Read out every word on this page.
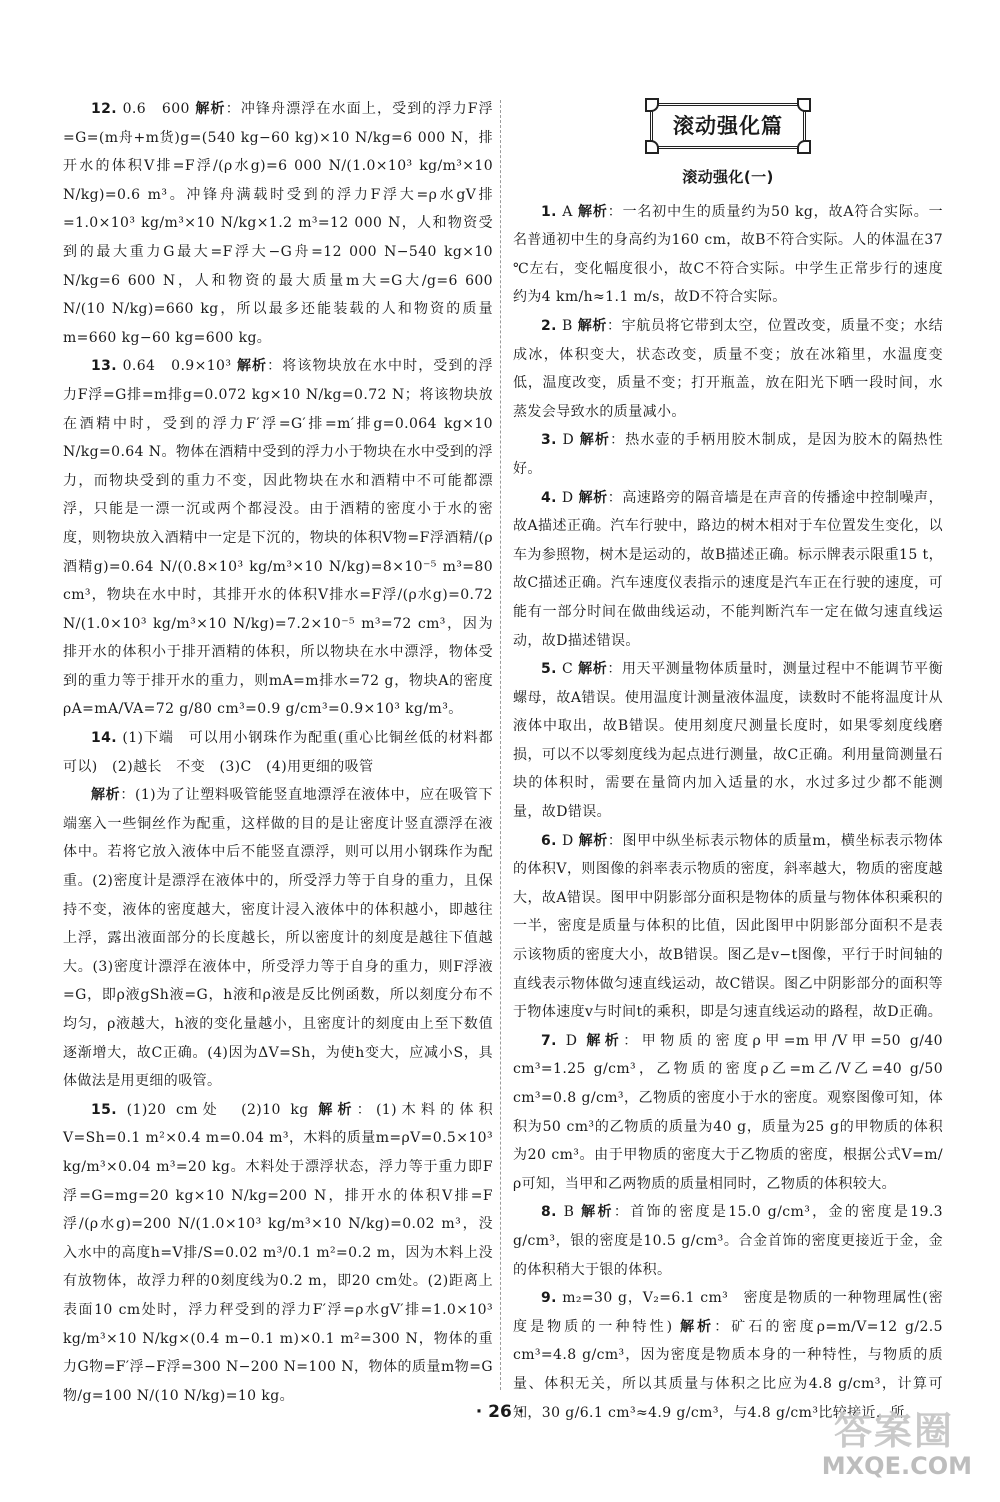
12. 0.6　600 解析：冲锋舟漂浮在水面上，受到的浮力F浮=G=(m舟+m货)g=(540 kg−60 kg)×10 N/kg=6 000 N，排开水的体积V排=F浮/(ρ水g)=6 000 N/(1.0×10³ kg/m³×10 N/kg)=0.6 m³。冲锋舟满载时受到的浮力F浮大=ρ水gV排=1.0×10³ kg/m³×10 N/kg×1.2 m³=12 000 N，人和物资受到的最大重力G最大=F浮大−G舟=12 000 N−540 kg×10 N/kg=6 600 N，人和物资的最大质量m大=G大/g=6 600 N/(10 N/kg)=660 kg，所以最多还能装载的人和物资的质量m=660 kg−60 kg=600 kg。

13. 0.64　0.9×10³ 解析：将该物块放在水中时，受到的浮力F浮=G排=m排g=0.072 kg×10 N/kg=0.72 N；将该物块放在酒精中时，受到的浮力F′浮=G′排=m′排g=0.064 kg×10 N/kg=0.64 N。物体在酒精中受到的浮力小于物块在水中受到的浮力，而物块受到的重力不变，因此物块在水和酒精中不可能都漂浮，只能是一漂一沉或两个都浸没。由于酒精的密度小于水的密度，则物块放入酒精中一定是下沉的，物块的体积V物=F浮酒精/(ρ酒精g)=0.64 N/(0.8×10³ kg/m³×10 N/kg)=8×10⁻⁵ m³=80 cm³，物块在水中时，其排开水的体积V排水=F浮/(ρ水g)=0.72 N/(1.0×10³ kg/m³×10 N/kg)=7.2×10⁻⁵ m³=72 cm³，因为排开水的体积小于排开酒精的体积，所以物块在水中漂浮，物体受到的重力等于排开水的重力，则mA=m排水=72 g，物块A的密度ρA=mA/VA=72 g/80 cm³=0.9 g/cm³=0.9×10³ kg/m³。

14. (1)下端　可以用小钢珠作为配重(重心比铜丝低的材料都可以)　(2)越长　不变　(3)C　(4)用更细的吸管

解析：(1)为了让塑料吸管能竖直地漂浮在液体中，应在吸管下端塞入一些铜丝作为配重，这样做的目的是让密度计竖直漂浮在液体中。若将它放入液体中后不能竖直漂浮，则可以用小钢珠作为配重。(2)密度计是漂浮在液体中的，所受浮力等于自身的重力，且保持不变，液体的密度越大，密度计浸入液体中的体积越小，即越往上浮，露出液面部分的长度越长，所以密度计的刻度是越往下值越大。(3)密度计漂浮在液体中，所受浮力等于自身的重力，则F浮液=G，即ρ液gSh液=G，h液和ρ液是反比例函数，所以刻度分布不均匀，ρ液越大，h液的变化量越小，且密度计的刻度由上至下数值逐渐增大，故C正确。(4)因为ΔV=Sh，为使h变大，应减小S，具体做法是用更细的吸管。

15. (1)20 cm处　(2)10 kg 解析：(1)木料的体积V=Sh=0.1 m²×0.4 m=0.04 m³，木料的质量m=ρV=0.5×10³ kg/m³×0.04 m³=20 kg。木料处于漂浮状态，浮力等于重力即F浮=G=mg=20 kg×10 N/kg=200 N，排开水的体积V排=F浮/(ρ水g)=200 N/(1.0×10³ kg/m³×10 N/kg)=0.02 m³，没入水中的高度h=V排/S=0.02 m³/0.1 m²=0.2 m，因为木料上没有放物体，故浮力秤的0刻度线为0.2 m，即20 cm处。(2)距离上表面10 cm处时，浮力秤受到的浮力F′浮=ρ水gV′排=1.0×10³ kg/m³×10 N/kg×(0.4 m−0.1 m)×0.1 m²=300 N，物体的重力G物=F′浮−F浮=300 N−200 N=100 N，物体的质量m物=G物/g=100 N/(10 N/kg)=10 kg。

滚动强化篇
滚动强化(一)

1. A 解析：一名初中生的质量约为50 kg，故A符合实际。一名普通初中生的身高约为160 cm，故B不符合实际。人的体温在37 ℃左右，变化幅度很小，故C不符合实际。中学生正常步行的速度约为4 km/h≈1.1 m/s，故D不符合实际。

2. B 解析：宇航员将它带到太空，位置改变，质量不变；水结成冰，体积变大，状态改变，质量不变；放在冰箱里，水温度变低，温度改变，质量不变；打开瓶盖，放在阳光下晒一段时间，水蒸发会导致水的质量减小。

3. D 解析：热水壶的手柄用胶木制成，是因为胶木的隔热性好。

4. D 解析：高速路旁的隔音墙是在声音的传播途中控制噪声，故A描述正确。汽车行驶中，路边的树木相对于车位置发生变化，以车为参照物，树木是运动的，故B描述正确。标示牌表示限重15 t，故C描述正确。汽车速度仪表指示的速度是汽车正在行驶的速度，可能有一部分时间在做曲线运动，不能判断汽车一定在做匀速直线运动，故D描述错误。

5. C 解析：用天平测量物体质量时，测量过程中不能调节平衡螺母，故A错误。使用温度计测量液体温度，读数时不能将温度计从液体中取出，故B错误。使用刻度尺测量长度时，如果零刻度线磨损，可以不以零刻度线为起点进行测量，故C正确。利用量筒测量石块的体积时，需要在量筒内加入适量的水，水过多过少都不能测量，故D错误。

6. D 解析：图甲中纵坐标表示物体的质量m，横坐标表示物体的体积V，则图像的斜率表示物质的密度，斜率越大，物质的密度越大，故A错误。图甲中阴影部分面积是物体的质量与物体体积乘积的一半，密度是质量与体积的比值，因此图甲中阴影部分面积不是表示该物质的密度大小，故B错误。图乙是v−t图像，平行于时间轴的直线表示物体做匀速直线运动，故C错误。图乙中阴影部分的面积等于物体速度v与时间t的乘积，即是匀速直线运动的路程，故D正确。

7. D 解析：甲物质的密度ρ甲=m甲/V甲=50 g/40 cm³=1.25 g/cm³，乙物质的密度ρ乙=m乙/V乙=40 g/50 cm³=0.8 g/cm³，乙物质的密度小于水的密度。观察图像可知，体积为50 cm³的乙物质的质量为40 g，质量为25 g的甲物质的体积为20 cm³。由于甲物质的密度大于乙物质的密度，根据公式V=m/ρ可知，当甲和乙两物质的质量相同时，乙物质的体积较大。

8. B 解析：首饰的密度是15.0 g/cm³，金的密度是19.3 g/cm³，银的密度是10.5 g/cm³。合金首饰的密度更接近于金，金的体积稍大于银的体积。

9. m₂=30 g，V₂=6.1 cm³　密度是物质的一种物理属性(密度是物质的一种特性) 解析：矿石的密度ρ=m/V=12 g/2.5 cm³=4.8 g/cm³，因为密度是物质本身的一种特性，与物质的质量、体积无关，所以其质量与体积之比应为4.8 g/cm³，计算可知，30 g/6.1 cm³≈4.9 g/cm³，与4.8 g/cm³比较接近，所

· 26 ·	答案圈
MXQE.COM
